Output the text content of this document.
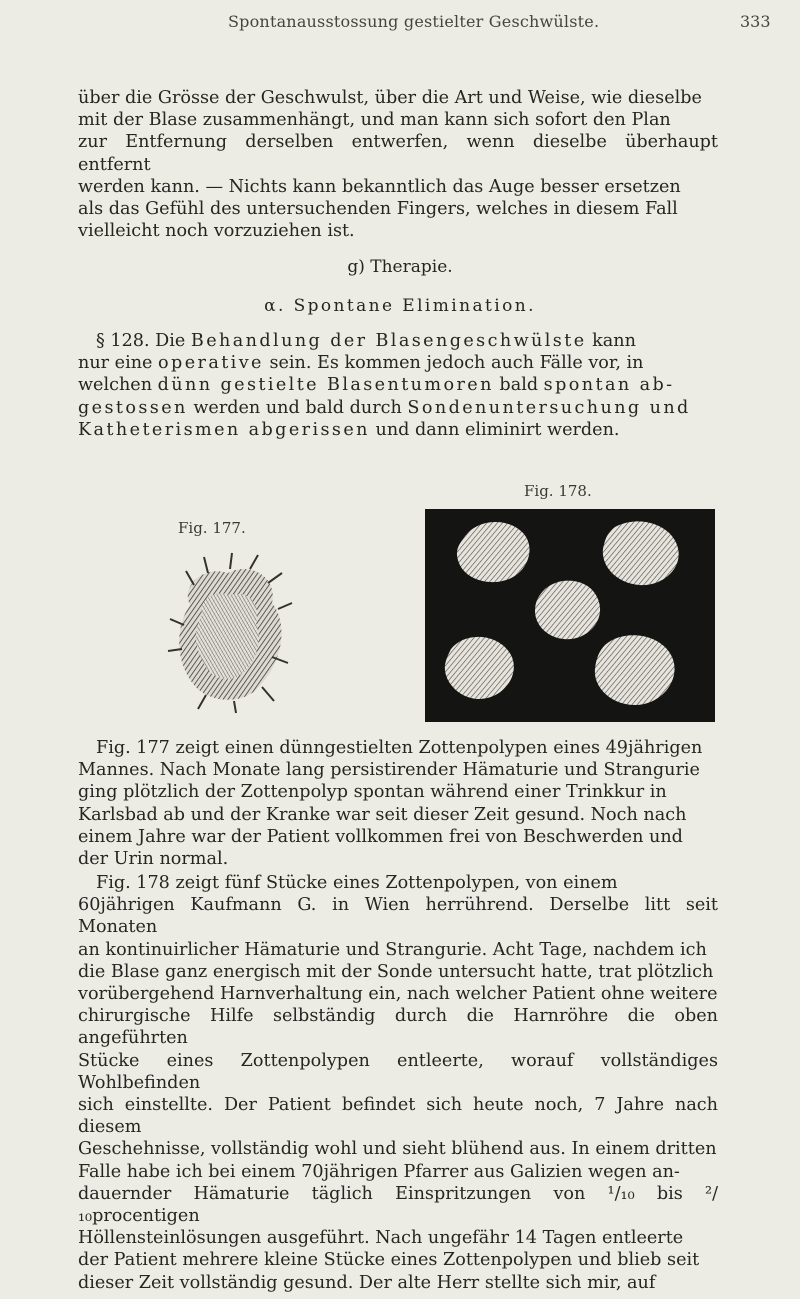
Spontanausstossung gestielter Geschwülste.	333

über die Grösse der Geschwulst, über die Art und Weise, wie dieselbe

mit der Blase zusammenhängt, und man kann sich sofort den Plan

zur Entfernung derselben entwerfen, wenn dieselbe überhaupt entfernt

werden kann. — Nichts kann bekanntlich das Auge besser ersetzen

als das Gefühl des untersuchenden Fingers, welches in diesem Fall

vielleicht noch vorzuziehen ist.

g) Therapie.
α. Spontane Elimination.

§ 128. Die Behandlung der Blasengeschwülste kann

nur eine operative sein. Es kommen jedoch auch Fälle vor, in

welchen dünn gestielte Blasentumoren bald spontan ab-

gestossen werden und bald durch Sondenuntersuchung und

Katheterismen abgerissen und dann eliminirt werden.

Fig. 178.
Fig. 177.

Fig. 177 zeigt einen dünngestielten Zottenpolypen eines 49jährigen

Mannes. Nach Monate lang persistirender Hämaturie und Strangurie

ging plötzlich der Zottenpolyp spontan während einer Trinkkur in

Karlsbad ab und der Kranke war seit dieser Zeit gesund. Noch nach

einem Jahre war der Patient vollkommen frei von Beschwerden und

der Urin normal.

Fig. 178 zeigt fünf Stücke eines Zottenpolypen, von einem

60jährigen Kaufmann G. in Wien herrührend. Derselbe litt seit Monaten

an kontinuirlicher Hämaturie und Strangurie. Acht Tage, nachdem ich

die Blase ganz energisch mit der Sonde untersucht hatte, trat plötzlich

vorübergehend Harnverhaltung ein, nach welcher Patient ohne weitere

chirurgische Hilfe selbständig durch die Harnröhre die oben angeführten

Stücke eines Zottenpolypen entleerte, worauf vollständiges Wohlbefinden

sich einstellte. Der Patient befindet sich heute noch, 7 Jahre nach diesem

Geschehnisse, vollständig wohl und sieht blühend aus. In einem dritten

Falle habe ich bei einem 70jährigen Pfarrer aus Galizien wegen an-

dauernder Hämaturie täglich Einspritzungen von ¹/₁₀ bis ²/₁₀procentigen

Höllensteinlösungen ausgeführt. Nach ungefähr 14 Tagen entleerte

der Patient mehrere kleine Stücke eines Zottenpolypen und blieb seit

dieser Zeit vollständig gesund. Der alte Herr stellte sich mir, auf
